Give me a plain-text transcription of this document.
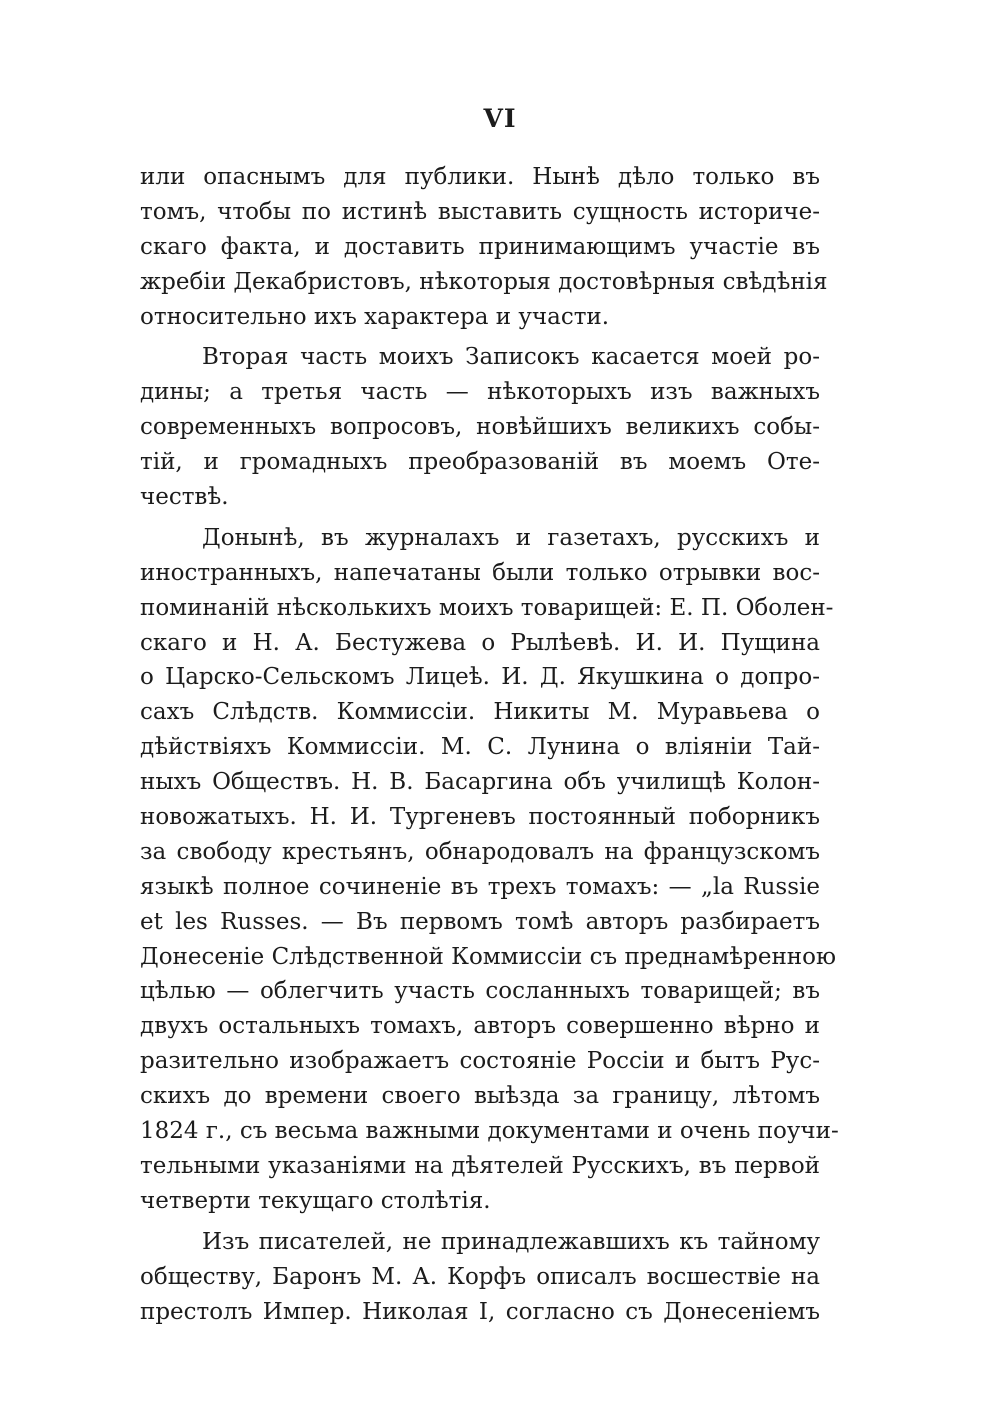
VI
или опаснымъ для публики. Нынѣ дѣло только въ
томъ, чтобы по истинѣ выставить сущность историче-
скаго факта, и доставить принимающимъ участіе въ
жребіи Декабристовъ, нѣкоторыя достовѣрныя свѣдѣнія
относительно ихъ характера и участи.
Вторая часть моихъ Записокъ касается моей ро-
дины; а третья часть — нѣкоторыхъ изъ важныхъ
современныхъ вопросовъ, новѣйшихъ великихъ собы-
тій, и громадныхъ преобразованій въ моемъ Оте-
чествѣ.
Донынѣ, въ журналахъ и газетахъ, русскихъ и
иностранныхъ, напечатаны были только отрывки вос-
поминаній нѣсколькихъ моихъ товарищей: Е. П. Оболен-
скаго и Н. А. Бестужева о Рылѣевѣ. И. И. Пущина
о Царско-Сельскомъ Лицеѣ. И. Д. Якушкина о допро-
сахъ Слѣдств. Коммиссіи. Никиты М. Муравьева о
дѣйствіяхъ Коммиссіи. М. С. Лунина о вліяніи Тай-
ныхъ Обществъ. Н. В. Басаргина объ училищѣ Колон-
новожатыхъ. Н. И. Тургеневъ постоянный поборникъ
за свободу крестьянъ, обнародовалъ на французскомъ
языкѣ полное сочиненіе въ трехъ томахъ: — „la Russie
et les Russes. — Въ первомъ томѣ авторъ разбираетъ
Донесеніе Слѣдственной Коммиссіи съ преднамѣренною
цѣлью — облегчить участь сосланныхъ товарищей; въ
двухъ остальныхъ томахъ, авторъ совершенно вѣрно и
разительно изображаетъ состояніе Россіи и бытъ Рус-
скихъ до времени своего выѣзда за границу, лѣтомъ
1824 г., съ весьма важными документами и очень поучи-
тельными указаніями на дѣятелей Русскихъ, въ первой
четверти текущаго столѣтія.
Изъ писателей, не принадлежавшихъ къ тайному
обществу, Баронъ М. А. Корфъ описалъ восшествіе на
престолъ Импер. Николая I, согласно съ Донесеніемъ
